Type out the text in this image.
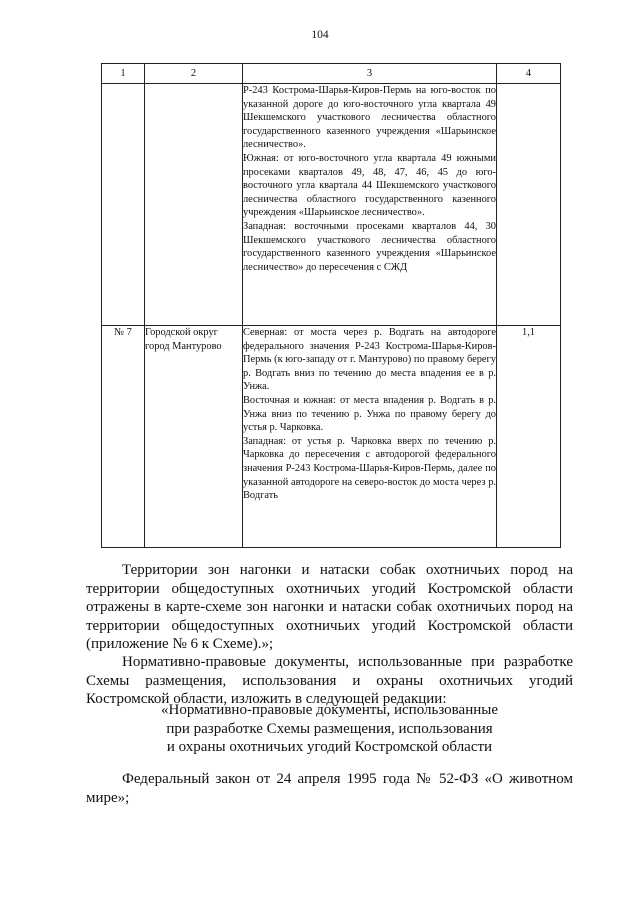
104
1	2	3	4

		Р-243 Кострома-Шарья-Киров-Пермь на юго-восток по указанной дороге до юго-восточного угла квартала 49 Шекшемского участкового лесничества областного государственного казенного учреждения «Шарьинское лесничество».

Южная: от юго-восточного угла квартала 49 южными просеками кварталов 49, 48, 47, 46, 45 до юго-восточного угла квартала 44 Шекшемского участкового лесничества областного государственного казенного учреждения «Шарьинское лесничество».

Западная: восточными просеками кварталов 44, 30 Шекшемского участкового лесничества областного государственного казенного учреждения «Шарьинское лесничество» до пересечения с СЖД	

№ 7	Городской округ город Мантурово	Северная: от моста через р. Водгать на автодороге федерального значения Р-243 Кострома-Шарья-Киров-Пермь (к юго-западу от г. Мантурово) по правому берегу р. Водгать вниз по течению до места впадения ее в р. Унжа.

Восточная и южная: от места впадения р. Водгать в р. Унжа вниз по течению р. Унжа по правому берегу до устья р. Чарковка.

Западная: от устья р. Чарковка вверх по течению р. Чарковка до пересечения с автодорогой федерального значения Р-243 Кострома-Шарья-Киров-Пермь, далее по указанной автодороге на северо-восток до моста через р. Водгать	1,1

Территории зон нагонки и натаски собак охотничьих пород на территории общедоступных охотничьих угодий Костромской области отражены в карте-схеме зон нагонки и натаски собак охотничьих пород на территории общедоступных охотничьих угодий Костромской области (приложение № 6 к Схеме).»;

Нормативно-правовые документы, использованные при разработке Схемы размещения, использования и охраны охотничьих угодий Костромской области, изложить в следующей редакции:

«Нормативно-правовые документы, использованные
при разработке Схемы размещения, использования
и охраны охотничьих угодий Костромской области

Федеральный закон от 24 апреля 1995 года № 52-ФЗ «О животном мире»;
